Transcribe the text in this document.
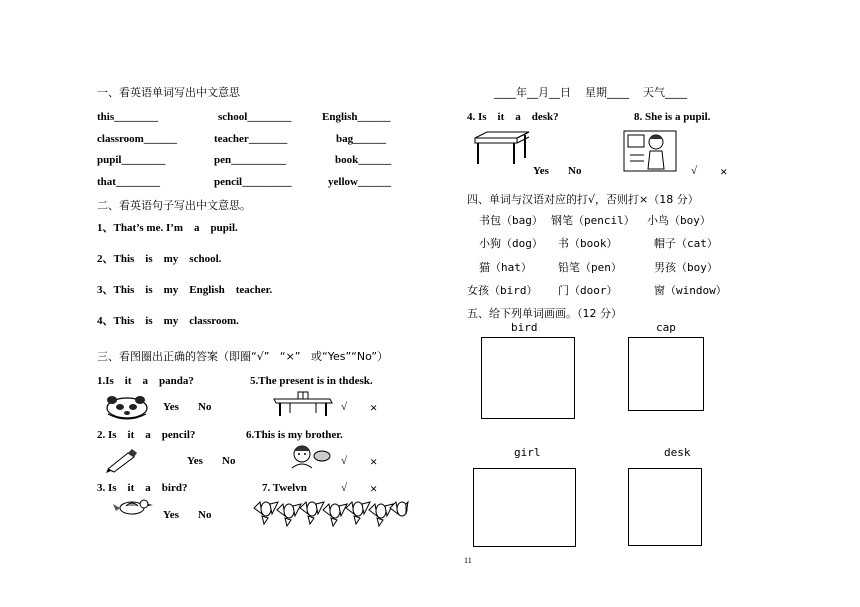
一、看英语单词写出中文意思
this________	school________	English______
classroom______	teacher_______	bag______
pupil________	pen__________	book______
that________	pencil_________	yellow______
二、看英语句子写出中文意思。
1、That’s me. I’m    a    pupil.
2、This    is    my    school.
3、This    is    my    English    teacher.
4、This    is    my    classroom.
三、看图圈出正确的答案（即圈“√”   “×”   或“Yes”“No”）
1.Is    it    a    panda?
Yes No
5.The present is in thdesk.
√ ×
2. Is    it    a    pencil?
Yes No
6.This is my brother.
√ ×
3. Is    it    a    bird?
Yes No
7. Twelvn	√ ×
____年__月__日    星期____    天气____
4. Is    it    a    desk?
Yes No
8. She is a pupil.
√ ×
四、单词与汉语对应的打√，否则打×（18 分）
书包（bag） 钢笔（pencil） 小鸟（boy）
小狗（dog） 书（book）	帽子（cat）
猫（hat） 铅笔（pen）	男孩（boy）
女孩（bird） 门（door）	窗（window）
五、给下列单词画画。（12 分）
bird	cap
girl	desk
11
